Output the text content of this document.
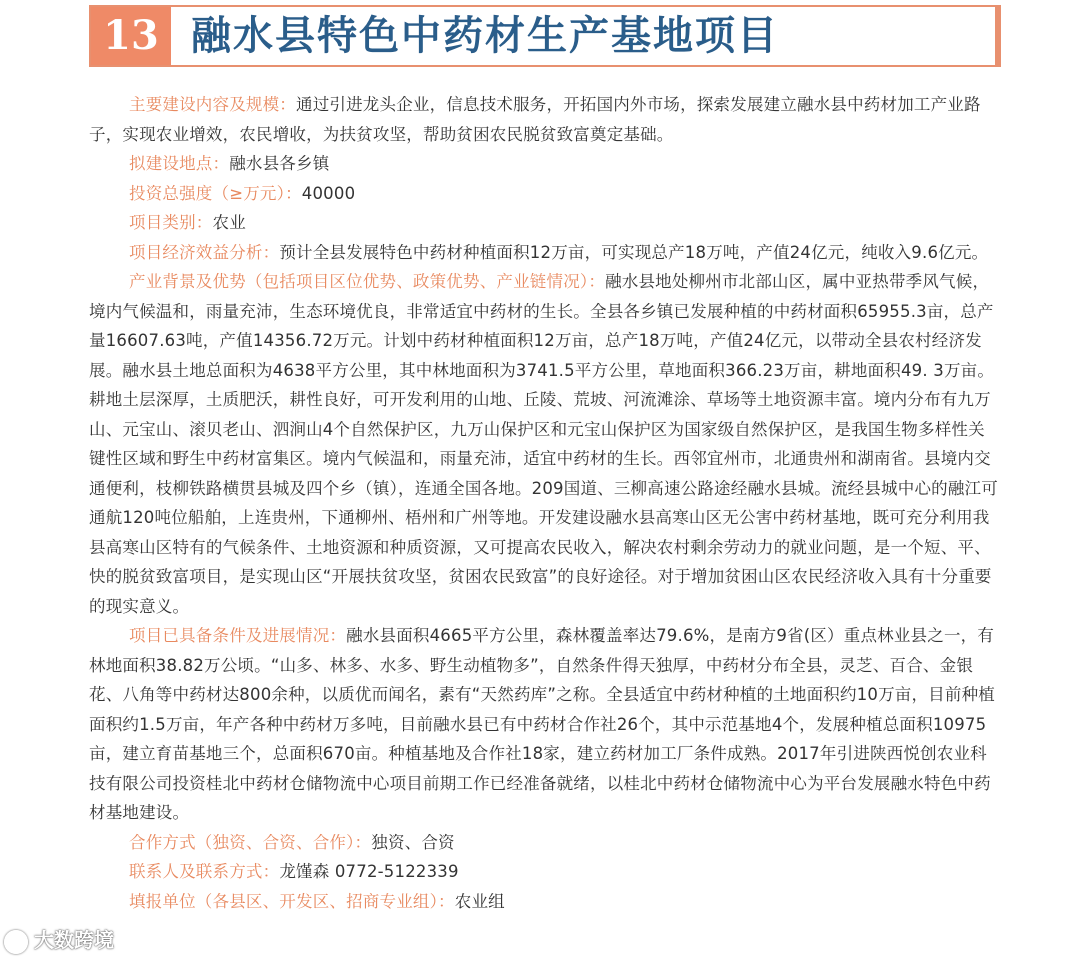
13 融水县特色中药材生产基地项目

主要建设内容及规模：通过引进龙头企业，信息技术服务，开拓国内外市场，探索发展建立融水县中药材加工产业路子，实现农业增效，农民增收，为扶贫攻坚，帮助贫困农民脱贫致富奠定基础。

拟建设地点：融水县各乡镇

投资总强度（≥万元）：40000

项目类别：农业

项目经济效益分析：预计全县发展特色中药材种植面积12万亩，可实现总产18万吨，产值24亿元，纯收入9.6亿元。

产业背景及优势（包括项目区位优势、政策优势、产业链情况）：融水县地处柳州市北部山区，属中亚热带季风气候，境内气候温和，雨量充沛，生态环境优良，非常适宜中药材的生长。全县各乡镇已发展种植的中药材面积65955.3亩，总产量16607.63吨，产值14356.72万元。计划中药材种植面积12万亩，总产18万吨，产值24亿元，以带动全县农村经济发展。融水县土地总面积为4638平方公里，其中林地面积为3741.5平方公里，草地面积366.23万亩，耕地面积49. 3万亩。耕地土层深厚，土质肥沃，耕性良好，可开发利用的山地、丘陵、荒坡、河流滩涂、草场等土地资源丰富。境内分布有九万山、元宝山、滚贝老山、泗涧山4个自然保护区，九万山保护区和元宝山保护区为国家级自然保护区，是我国生物多样性关键性区域和野生中药材富集区。境内气候温和，雨量充沛，适宜中药材的生长。西邻宜州市，北通贵州和湖南省。县境内交通便利，枝柳铁路横贯县城及四个乡（镇），连通全国各地。209国道、三柳高速公路途经融水县城。流经县城中心的融江可通航120吨位船舶，上连贵州，下通柳州、梧州和广州等地。开发建设融水县高寒山区无公害中药材基地，既可充分利用我县高寒山区特有的气候条件、土地资源和种质资源，又可提高农民收入，解决农村剩余劳动力的就业问题，是一个短、平、快的脱贫致富项目，是实现山区“开展扶贫攻坚，贫困农民致富”的良好途径。对于增加贫困山区农民经济收入具有十分重要的现实意义。

项目已具备条件及进展情况：融水县面积4665平方公里，森林覆盖率达79.6%，是南方9省(区）重点林业县之一，有林地面积38.82万公顷。“山多、林多、水多、野生动植物多”，自然条件得天独厚，中药材分布全县，灵芝、百合、金银花、八角等中药材达800余种，以质优而闻名，素有“天然药库”之称。全县适宜中药材种植的土地面积约10万亩，目前种植面积约1.5万亩，年产各种中药材万多吨，目前融水县已有中药材合作社26个，其中示范基地4个，发展种植总面积10975亩，建立育苗基地三个，总面积670亩。种植基地及合作社18家，建立药材加工厂条件成熟。2017年引进陕西悦创农业科技有限公司投资桂北中药材仓储物流中心项目前期工作已经准备就绪，以桂北中药材仓储物流中心为平台发展融水特色中药材基地建设。

合作方式（独资、合资、合作）：独资、合资

联系人及联系方式：龙馑森 0772-5122339

填报单位（各县区、开发区、招商专业组）：农业组

大数跨境
